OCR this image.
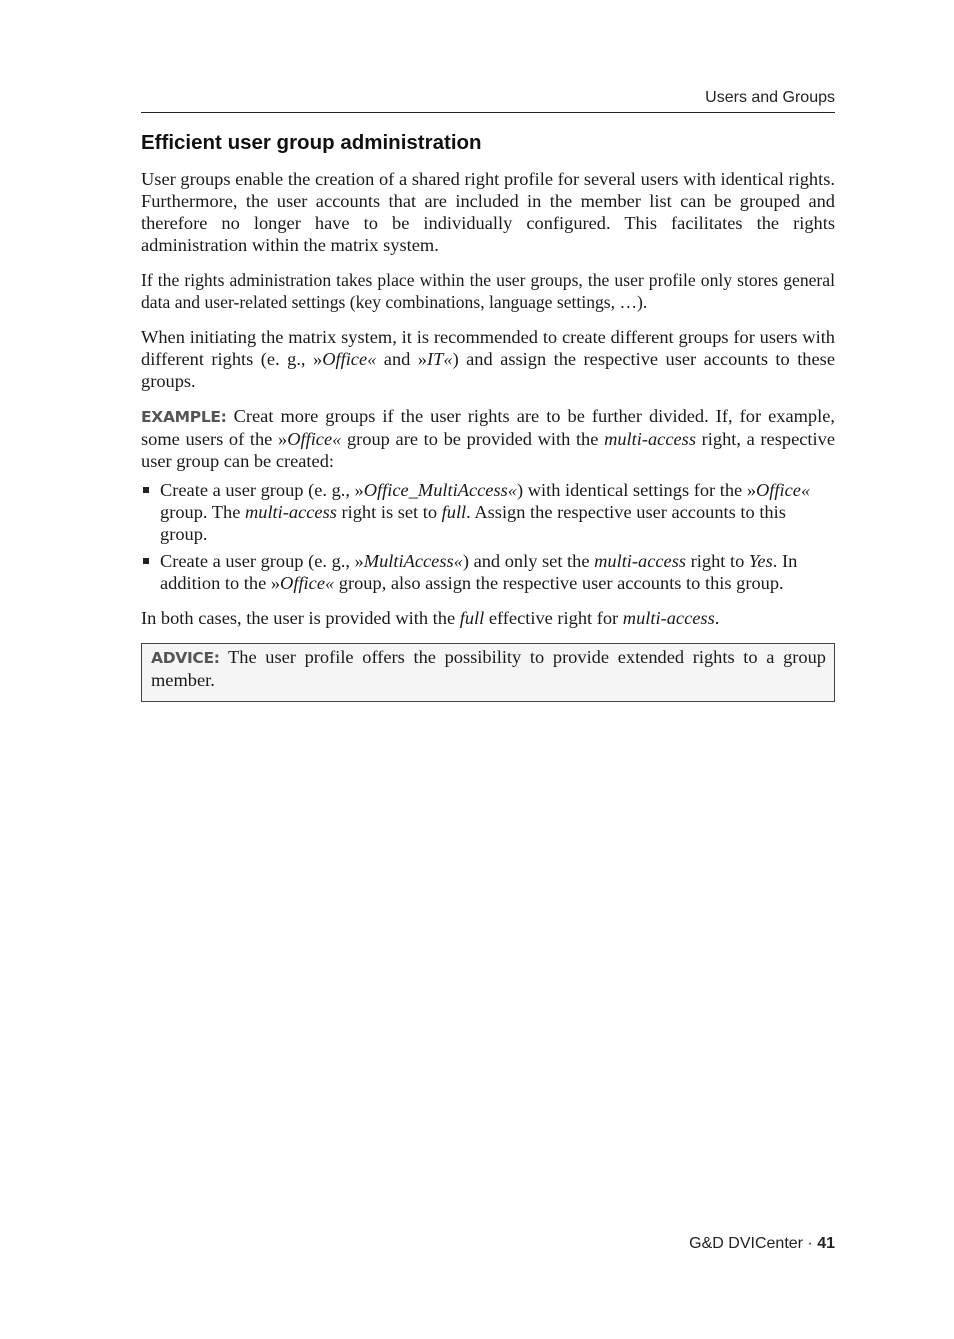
Users and Groups
Efficient user group administration

User groups enable the creation of a shared right profile for several users with identical rights. Furthermore, the user accounts that are included in the member list can be grouped and therefore no longer have to be individually configured. This facilitates the rights administration within the matrix system.

If the rights administration takes place within the user groups, the user profile only stores general data and user-related settings (key combinations, language settings, …).

When initiating the matrix system, it is recommended to create different groups for users with different rights (e. g., »Office« and »IT«) and assign the respective user accounts to these groups.

EXAMPLE: Creat more groups if the user rights are to be further divided. If, for example, some users of the »Office« group are to be provided with the multi-access right, a respective user group can be created:

Create a user group (e. g., »Office_MultiAccess«) with identical settings for the »Office« group. The multi-access right is set to full. Assign the respective user accounts to this group.
Create a user group (e. g., »MultiAccess«) and only set the multi-access right to Yes. In addition to the »Office« group, also assign the respective user accounts to this group.

In both cases, the user is provided with the full effective right for multi-access.

ADVICE: The user profile offers the possibility to provide extended rights to a group member.
G&D DVICenter · 41
